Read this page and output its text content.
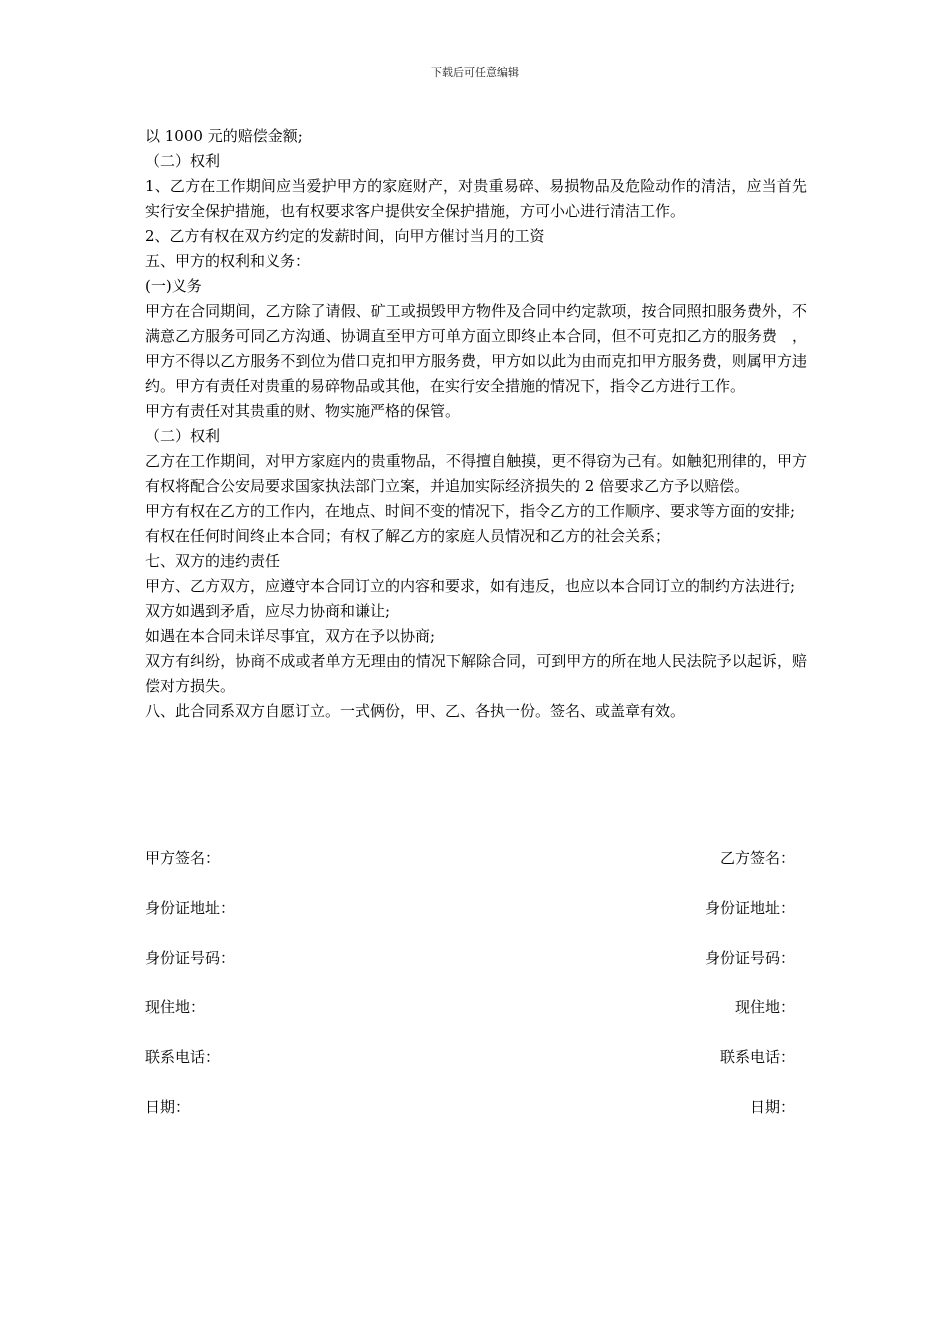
下载后可任意编辑

以 1000 元的赔偿金额;

（二）权利

1、乙方在工作期间应当爱护甲方的家庭财产，对贵重易碎、易损物品及危险动作的清洁，应当首先实行安全保护措施，也有权要求客户提供安全保护措施，方可小心进行清洁工作。

2、乙方有权在双方约定的发薪时间，向甲方催讨当月的工资

五、甲方的权利和义务：

(一)义务

甲方在合同期间，乙方除了请假、矿工或损毁甲方物件及合同中约定款项，按合同照扣服务费外，不满意乙方服务可同乙方沟通、协调直至甲方可单方面立即终止本合同，但不可克扣乙方的服务费　，甲方不得以乙方服务不到位为借口克扣甲方服务费，甲方如以此为由而克扣甲方服务费，则属甲方违约。甲方有责任对贵重的易碎物品或其他，在实行安全措施的情况下，指令乙方进行工作。

甲方有责任对其贵重的财、物实施严格的保管。

（二）权利

乙方在工作期间，对甲方家庭内的贵重物品，不得擅自触摸，更不得窃为己有。如触犯刑律的，甲方有权将配合公安局要求国家执法部门立案，并追加实际经济损失的 2 倍要求乙方予以赔偿。

甲方有权在乙方的工作内，在地点、时间不变的情况下，指令乙方的工作顺序、要求等方面的安排;

有权在任何时间终止本合同；有权了解乙方的家庭人员情况和乙方的社会关系；

七、双方的违约责任

甲方、乙方双方，应遵守本合同订立的内容和要求，如有违反，也应以本合同订立的制约方法进行;

双方如遇到矛盾，应尽力协商和谦让;

如遇在本合同未详尽事宜，双方在予以协商;

双方有纠纷，协商不成或者单方无理由的情况下解除合同，可到甲方的所在地人民法院予以起诉，赔偿对方损失。

八、此合同系双方自愿订立。一式俩份，甲、乙、各执一份。签名、或盖章有效。

甲方签名：	乙方签名：
身份证地址：	身份证地址：
身份证号码：	身份证号码：
现住地：	现住地：
联系电话：	联系电话：
日期：	日期：
